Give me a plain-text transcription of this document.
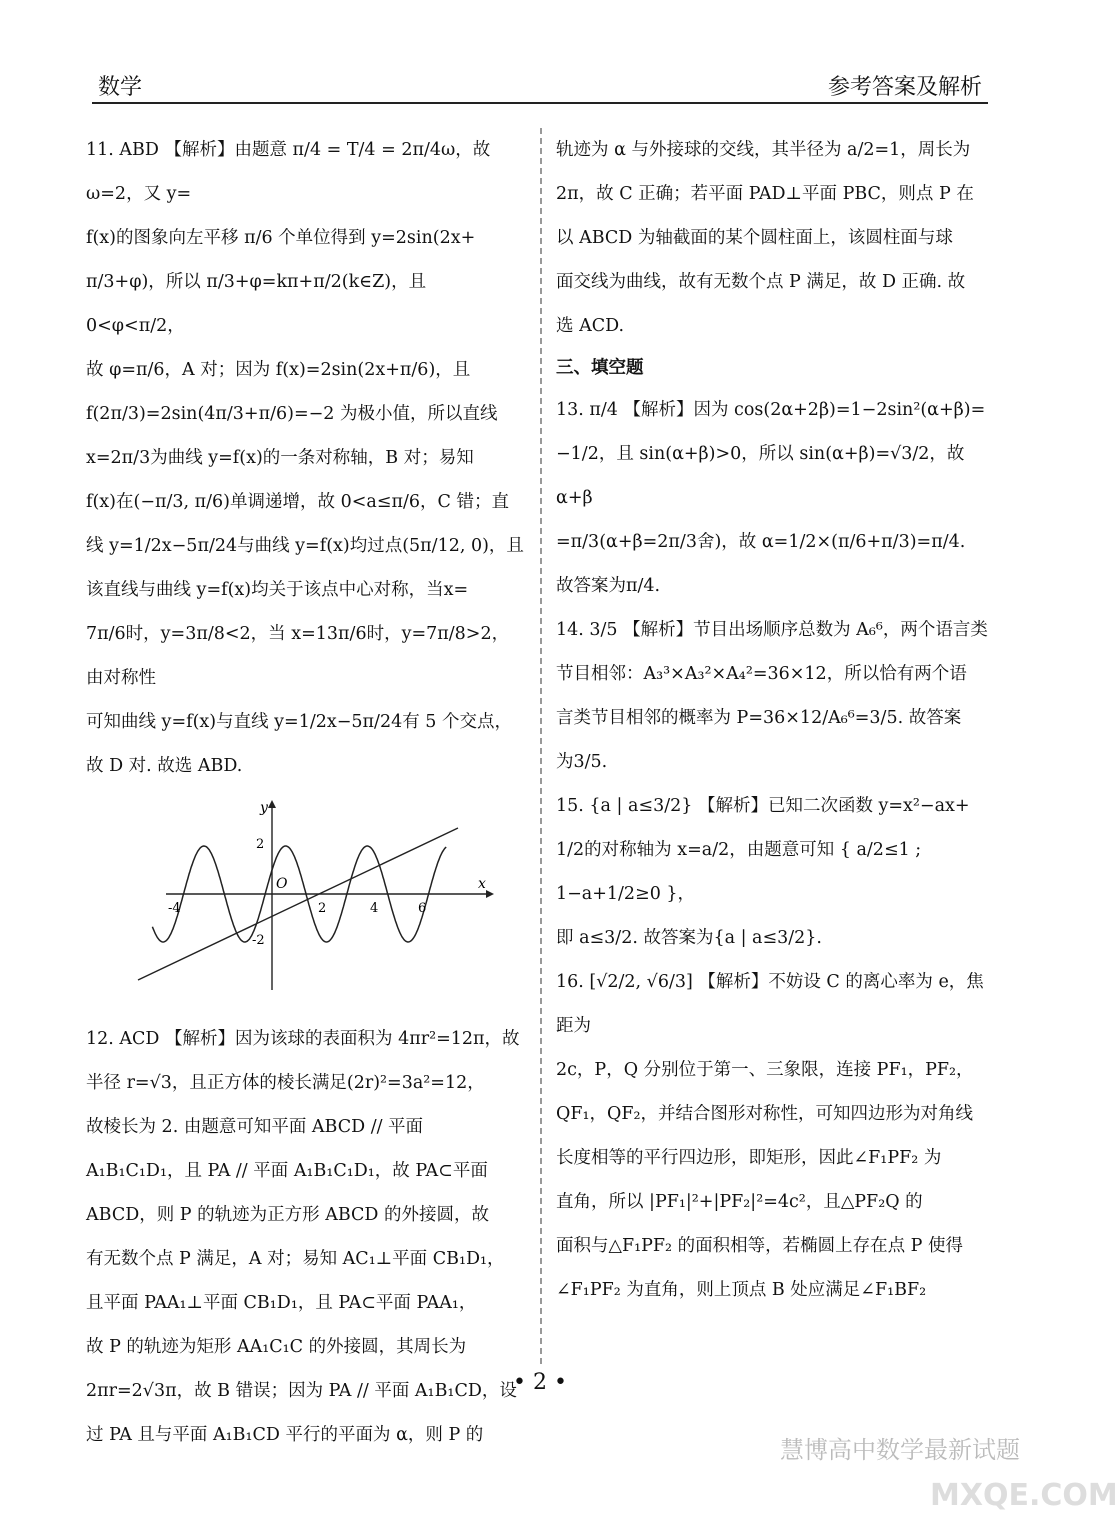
数学	参考答案及解析

11. ABD 【解析】由题意 π/4 = T/4 = 2π/4ω，故 ω=2，又 y=

f(x)的图象向左平移 π/6 个单位得到 y=2sin(2x+

π/3+φ)，所以 π/3+φ=kπ+π/2(k∈Z)，且 0<φ<π/2，

故 φ=π/6，A 对；因为 f(x)=2sin(2x+π/6)，且

f(2π/3)=2sin(4π/3+π/6)=−2 为极小值，所以直线

x=2π/3为曲线 y=f(x)的一条对称轴，B 对；易知

f(x)在(−π/3, π/6)单调递增，故 0<a≤π/6，C 错；直

线 y=1/2x−5π/24与曲线 y=f(x)均过点(5π/12, 0)，且

该直线与曲线 y=f(x)均关于该点中心对称，当x=

7π/6时，y=3π/8<2，当 x=13π/6时，y=7π/8>2，由对称性

可知曲线 y=f(x)与直线 y=1/2x−5π/24有 5 个交点，

故 D 对. 故选 ABD.

y
x
O
-4	2	4	6
2
-2

12. ACD 【解析】因为该球的表面积为 4πr²=12π，故

半径 r=√3，且正方体的棱长满足(2r)²=3a²=12，

故棱长为 2. 由题意可知平面 ABCD // 平面

A₁B₁C₁D₁，且 PA // 平面 A₁B₁C₁D₁，故 PA⊂平面

ABCD，则 P 的轨迹为正方形 ABCD 的外接圆，故

有无数个点 P 满足，A 对；易知 AC₁⊥平面 CB₁D₁，

且平面 PAA₁⊥平面 CB₁D₁，且 PA⊂平面 PAA₁，

故 P 的轨迹为矩形 AA₁C₁C 的外接圆，其周长为

2πr=2√3π，故 B 错误；因为 PA // 平面 A₁B₁CD，设

过 PA 且与平面 A₁B₁CD 平行的平面为 α，则 P 的

轨迹为 α 与外接球的交线，其半径为 a/2=1，周长为

2π，故 C 正确；若平面 PAD⊥平面 PBC，则点 P 在

以 ABCD 为轴截面的某个圆柱面上，该圆柱面与球

面交线为曲线，故有无数个点 P 满足，故 D 正确. 故

选 ACD.

三、填空题

13. π/4 【解析】因为 cos(2α+2β)=1−2sin²(α+β)=

−1/2，且 sin(α+β)>0，所以 sin(α+β)=√3/2，故 α+β

=π/3(α+β=2π/3舍)，故 α=1/2×(π/6+π/3)=π/4.

故答案为π/4.

14. 3/5 【解析】节目出场顺序总数为 A₆⁶，两个语言类

节目相邻：A₃³×A₃²×A₄²=36×12，所以恰有两个语

言类节目相邻的概率为 P=36×12/A₆⁶=3/5. 故答案

为3/5.

15. {a | a≤3/2} 【解析】已知二次函数 y=x²−ax+

1/2的对称轴为 x=a/2，由题意可知 { a/2≤1 ; 1−a+1/2≥0 }，

即 a≤3/2. 故答案为{a | a≤3/2}.

16. [√2/2, √6/3] 【解析】不妨设 C 的离心率为 e，焦距为

2c，P，Q 分别位于第一、三象限，连接 PF₁，PF₂，

QF₁，QF₂，并结合图形对称性，可知四边形为对角线

长度相等的平行四边形，即矩形，因此∠F₁PF₂ 为

直角，所以 |PF₁|²+|PF₂|²=4c²，且△PF₂Q 的

面积与△F₁PF₂ 的面积相等，若椭圆上存在点 P 使得

∠F₁PF₂ 为直角，则上顶点 B 处应满足∠F₁BF₂

• 2 •
慧博高中数学最新试题
MXQE.COM
